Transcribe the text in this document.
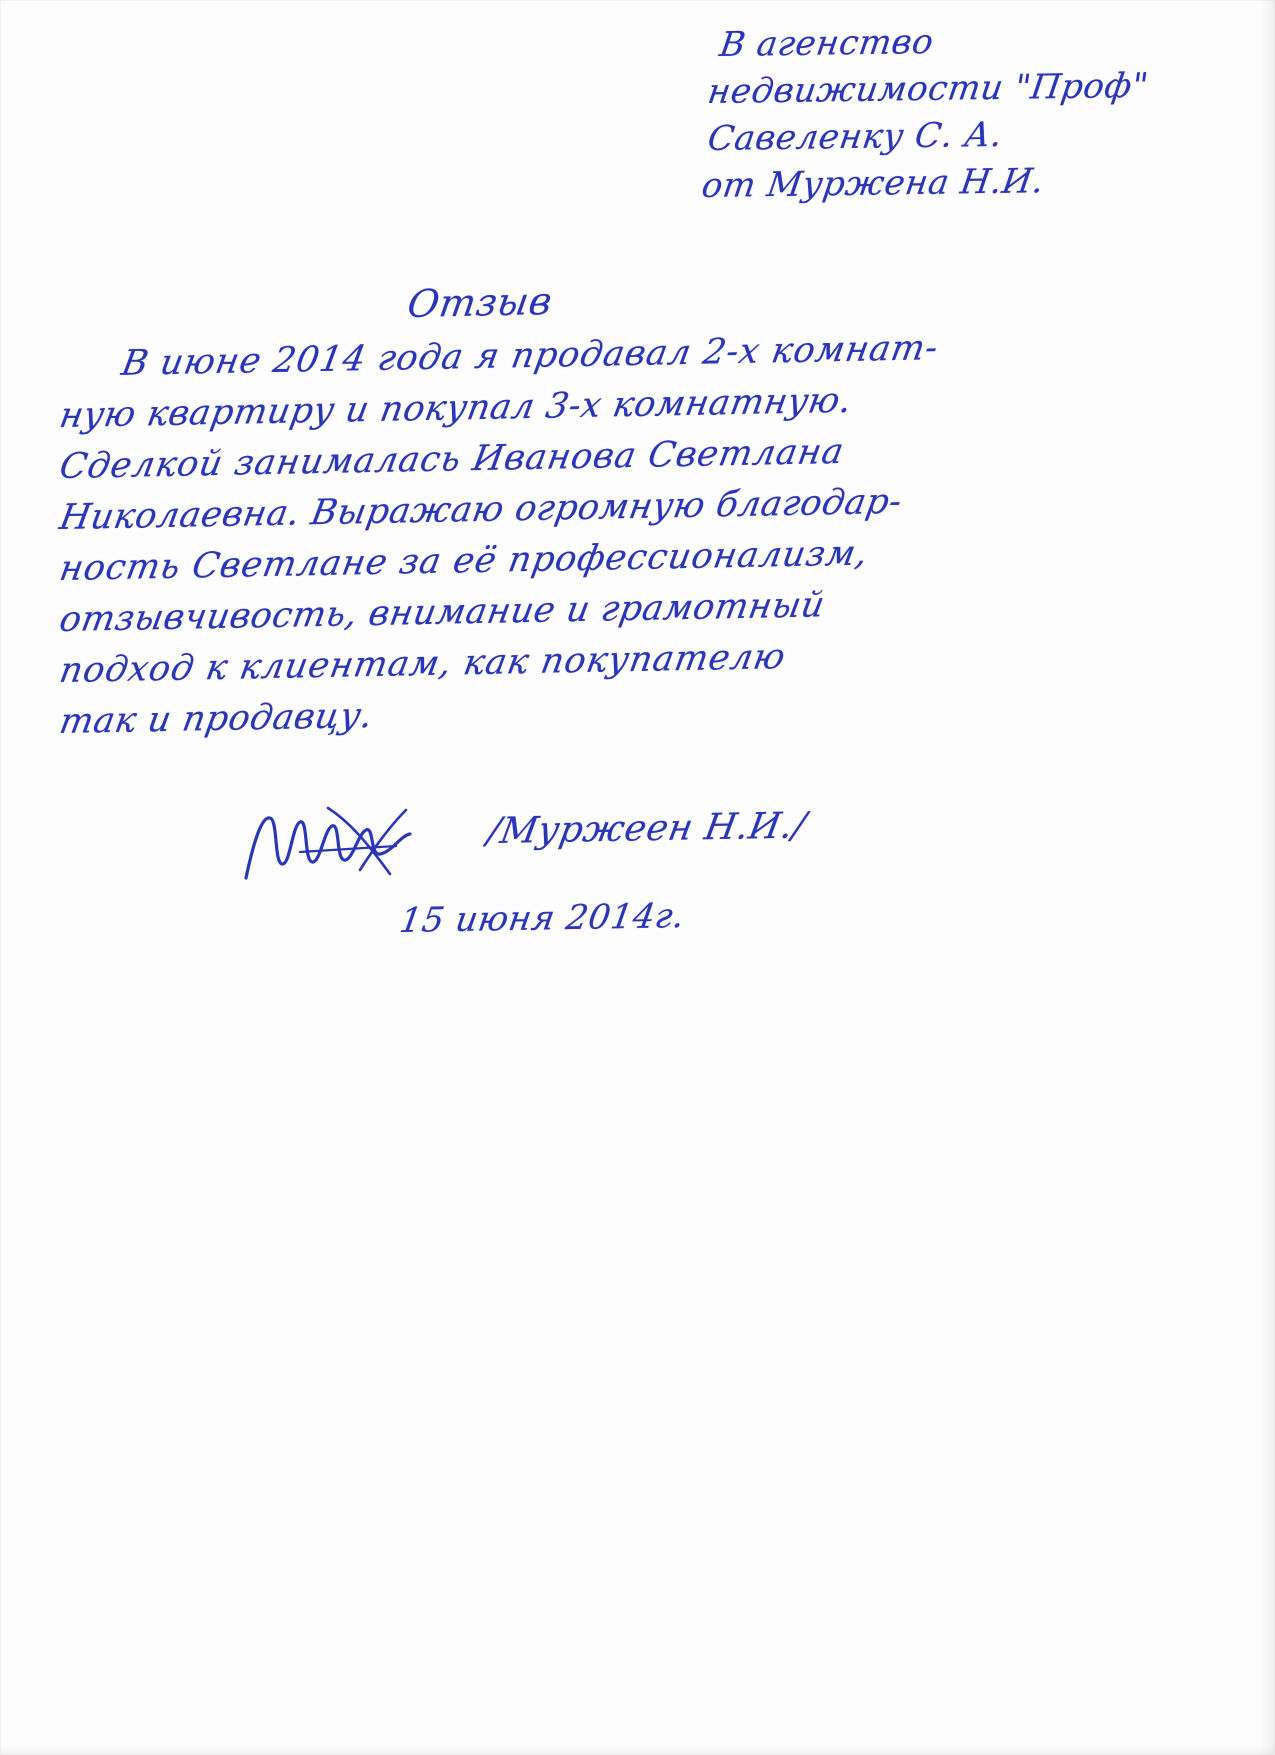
В агенство
недвижимости "Проф"
Савеленку С. А.
от Муржена Н.И.
Отзыв
В июне 2014 года я продавал 2-х комнат-
ную квартиру и покупал 3-х комнатную.
Сделкой занималась Иванова Светлана
Николаевна. Выражаю огромную благодар-
ность Светлане за её профессионализм,
отзывчивость, внимание и грамотный
подход к клиентам, как покупателю
так и продавцу.
/Муржеен Н.И./
15 июня 2014г.
